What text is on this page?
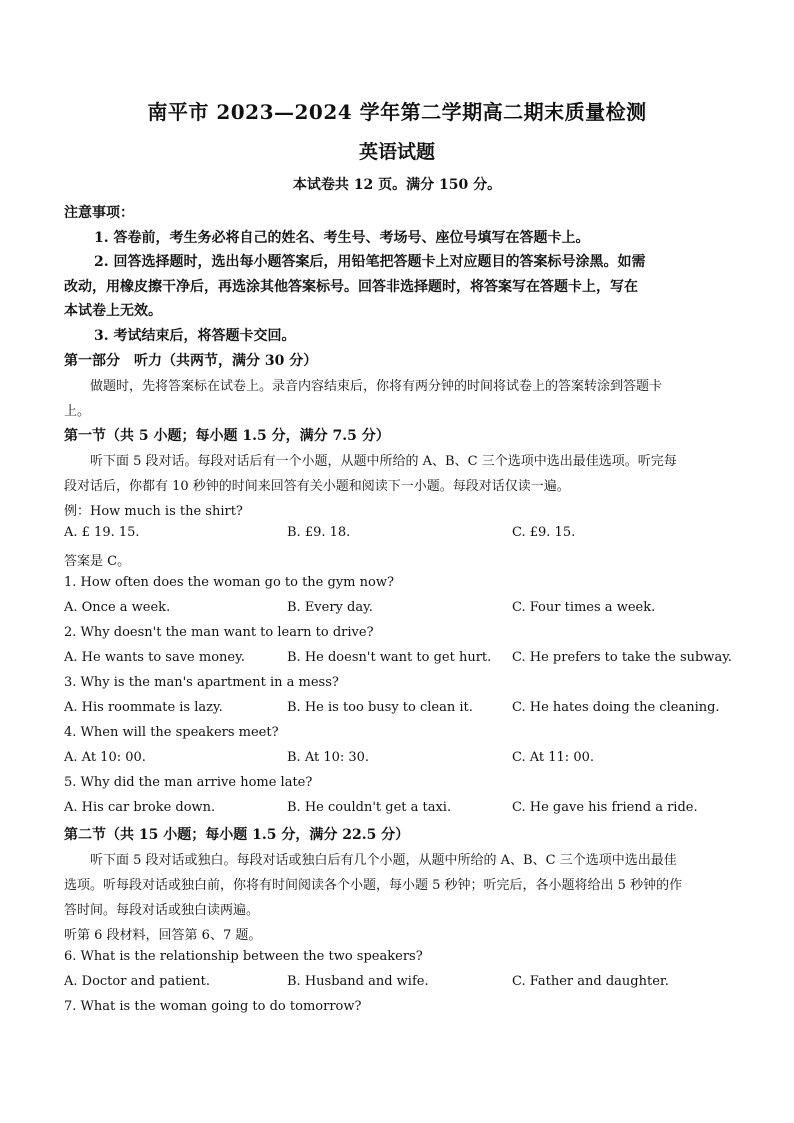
南平市 2023—2024 学年第二学期高二期末质量检测
英语试题
本试卷共 12 页。满分 150 分。
注意事项：
1. 答卷前，考生务必将自己的姓名、考生号、考场号、座位号填写在答题卡上。
2. 回答选择题时，选出每小题答案后，用铅笔把答题卡上对应题目的答案标号涂黑。如需
改动，用橡皮擦干净后，再选涂其他答案标号。回答非选择题时，将答案写在答题卡上，写在
本试卷上无效。
3. 考试结束后，将答题卡交回。
第一部分　听力（共两节，满分 30 分）
做题时，先将答案标在试卷上。录音内容结束后，你将有两分钟的时间将试卷上的答案转涂到答题卡
上。
第一节（共 5 小题；每小题 1.5 分，满分 7.5 分）
听下面 5 段对话。每段对话后有一个小题，从题中所给的 A、B、C 三个选项中选出最佳选项。听完每
段对话后，你都有 10 秒钟的时间来回答有关小题和阅读下一小题。每段对话仅读一遍。
例：How much is the shirt?
A. £ 19. 15.	B. £9. 18.	C. £9. 15.
答案是 C。
1. How often does the woman go to the gym now?
A. Once a week.	B. Every day.	C. Four times a week.
2. Why doesn't the man want to learn to drive?
A. He wants to save money.	B. He doesn't want to get hurt. C. He prefers to take the subway.
3. Why is the man's apartment in a mess?
A. His roommate is lazy.	B. He is too busy to clean it.	C. He hates doing the cleaning.
4. When will the speakers meet?
A. At 10: 00.	B. At 10: 30.	C. At 11: 00.
5. Why did the man arrive home late?
A. His car broke down.	B. He couldn't get a taxi.	C. He gave his friend a ride.
第二节（共 15 小题；每小题 1.5 分，满分 22.5 分）
听下面 5 段对话或独白。每段对话或独白后有几个小题，从题中所给的 A、B、C 三个选项中选出最佳
选项。听每段对话或独白前，你将有时间阅读各个小题，每小题 5 秒钟；听完后，各小题将给出 5 秒钟的作
答时间。每段对话或独白读两遍。
听第 6 段材料，回答第 6、7 题。
6. What is the relationship between the two speakers?
A. Doctor and patient.	B. Husband and wife.	C. Father and daughter.
7. What is the woman going to do tomorrow?
